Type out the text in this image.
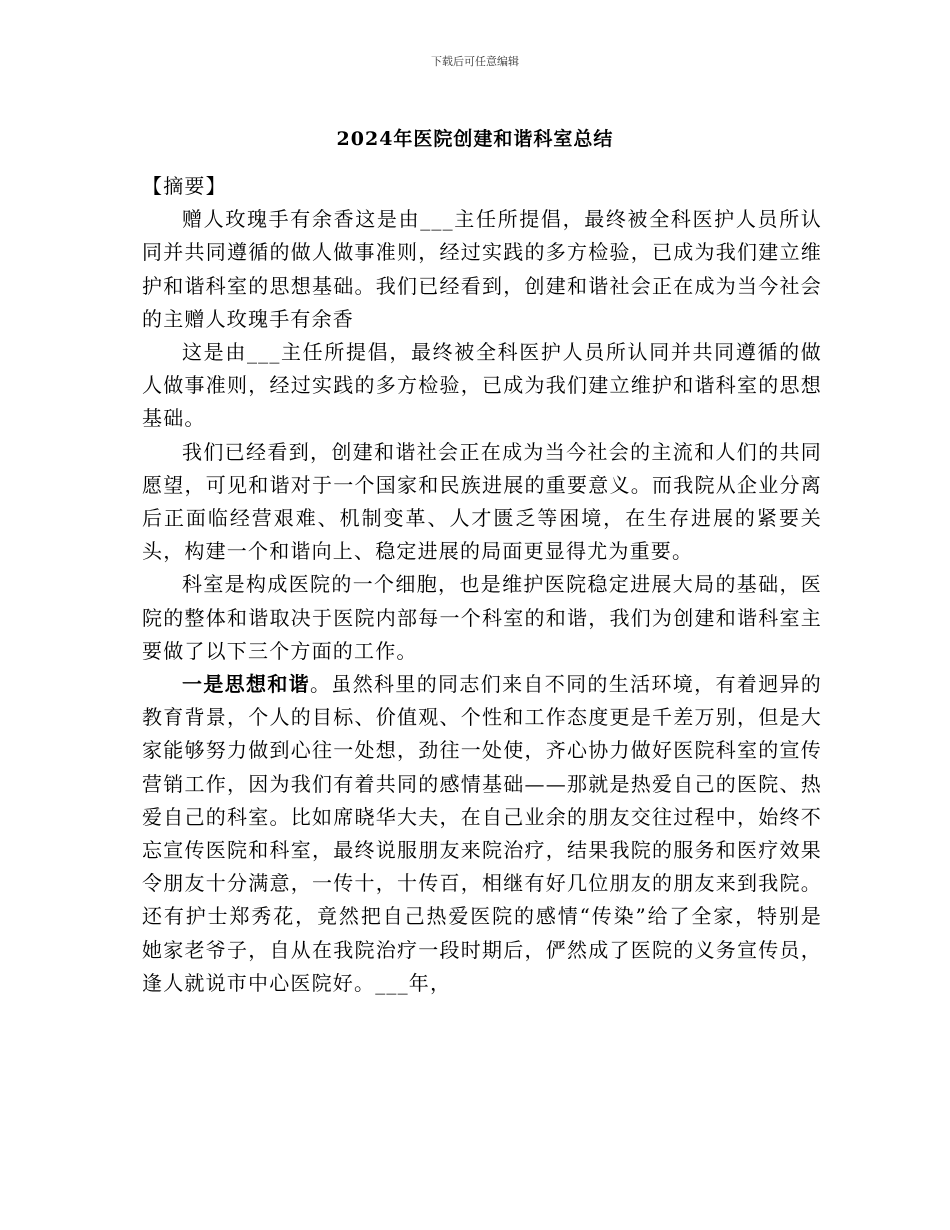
下载后可任意编辑
2024年医院创建和谐科室总结

【摘要】

赠人玫瑰手有余香这是由___主任所提倡，最终被全科医护人员所认同并共同遵循的做人做事准则，经过实践的多方检验，已成为我们建立维护和谐科室的思想基础。我们已经看到，创建和谐社会正在成为当今社会的主赠人玫瑰手有余香

这是由___主任所提倡，最终被全科医护人员所认同并共同遵循的做人做事准则，经过实践的多方检验，已成为我们建立维护和谐科室的思想基础。

我们已经看到，创建和谐社会正在成为当今社会的主流和人们的共同愿望，可见和谐对于一个国家和民族进展的重要意义。而我院从企业分离后正面临经营艰难、机制变革、人才匮乏等困境，在生存进展的紧要关头，构建一个和谐向上、稳定进展的局面更显得尤为重要。

科室是构成医院的一个细胞，也是维护医院稳定进展大局的基础，医院的整体和谐取决于医院内部每一个科室的和谐，我们为创建和谐科室主要做了以下三个方面的工作。

一是思想和谐。虽然科里的同志们来自不同的生活环境，有着迥异的教育背景，个人的目标、价值观、个性和工作态度更是千差万别，但是大家能够努力做到心往一处想，劲往一处使，齐心协力做好医院科室的宣传营销工作，因为我们有着共同的感情基础——那就是热爱自己的医院、热爱自己的科室。比如席晓华大夫，在自己业余的朋友交往过程中，始终不忘宣传医院和科室，最终说服朋友来院治疗，结果我院的服务和医疗效果令朋友十分满意，一传十，十传百，相继有好几位朋友的朋友来到我院。还有护士郑秀花，竟然把自己热爱医院的感情“传染”给了全家，特别是她家老爷子，自从在我院治疗一段时期后，俨然成了医院的义务宣传员，逢人就说市中心医院好。___年，
